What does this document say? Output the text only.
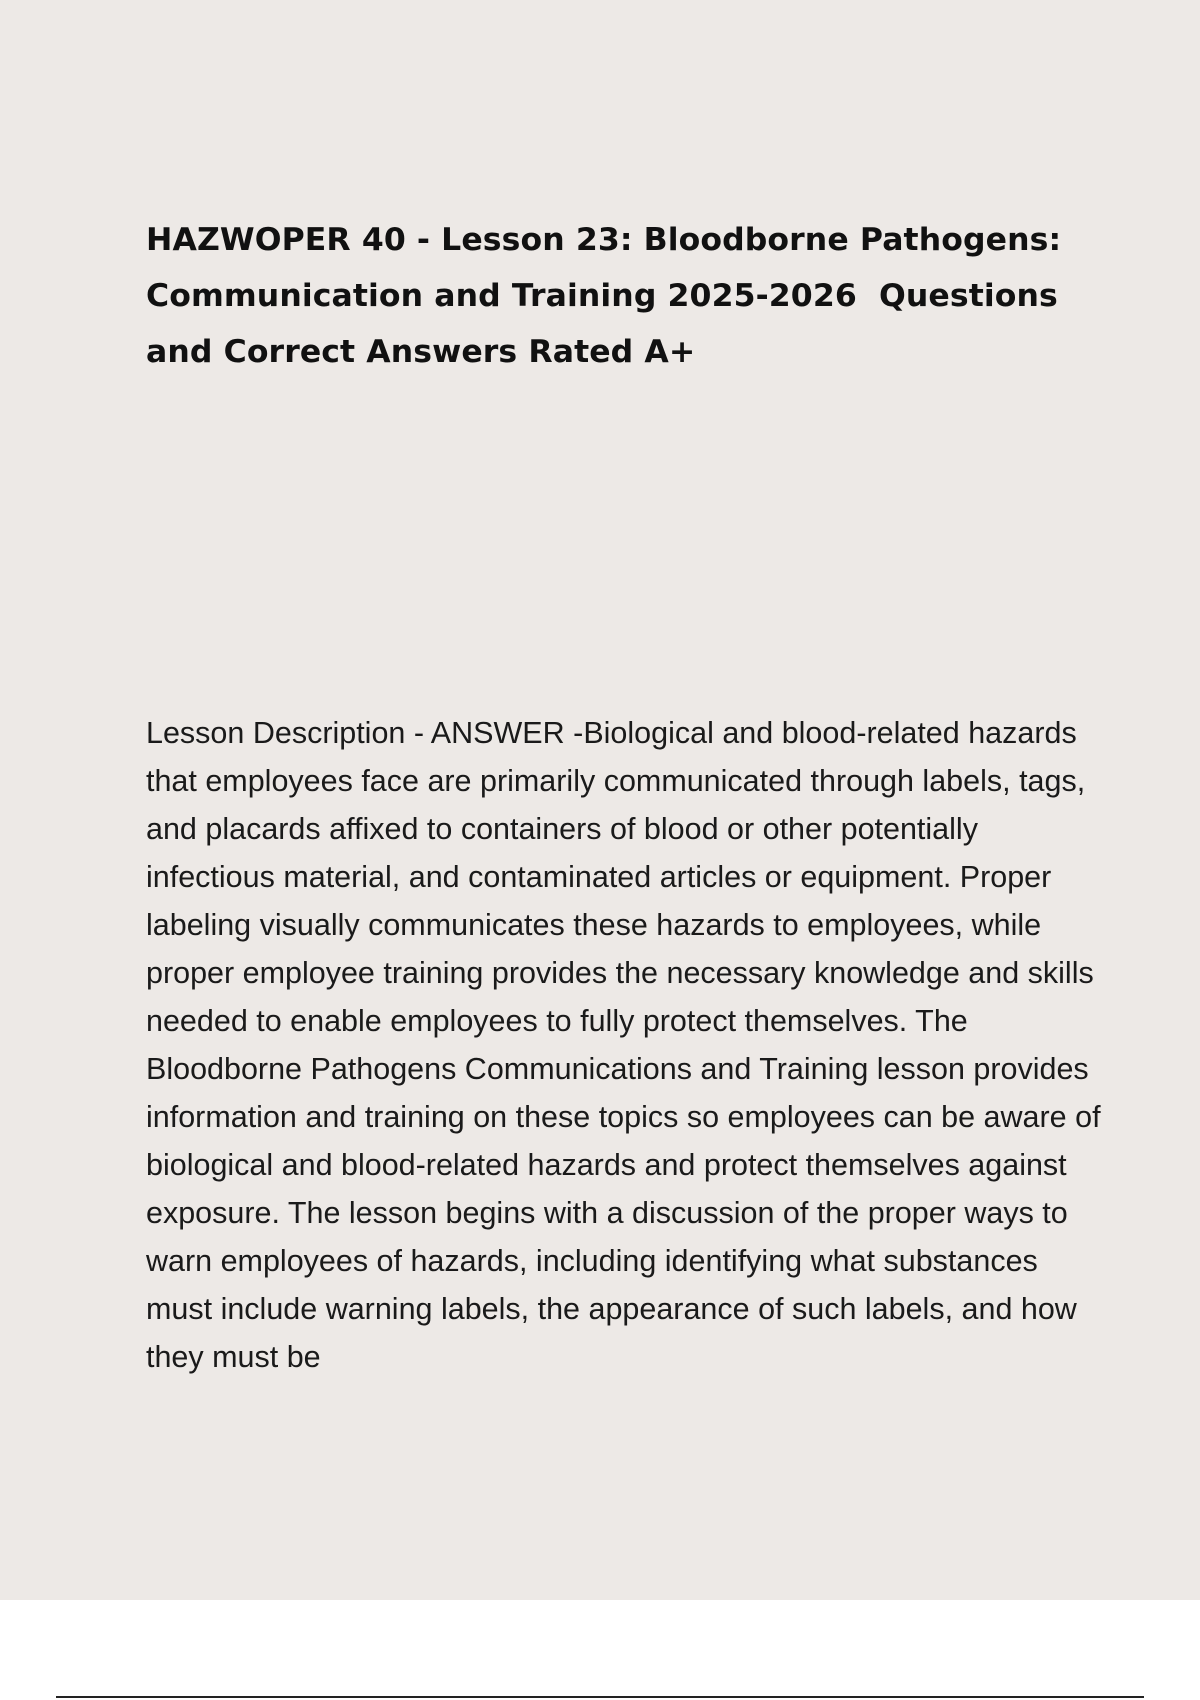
HAZWOPER 40 - Lesson 23: Bloodborne Pathogens: Communication and Training 2025-2026  Questions and Correct Answers Rated A+

Lesson Description - ANSWER -Biological and blood-related hazards that employees face are primarily communicated through labels, tags, and placards affixed to containers of blood or other potentially infectious material, and contaminated articles or equipment. Proper labeling visually communicates these hazards to employees, while proper employee training provides the necessary knowledge and skills needed to enable employees to fully protect themselves. The Bloodborne Pathogens Communications and Training lesson provides information and training on these topics so employees can be aware of biological and blood-related hazards and protect themselves against exposure. The lesson begins with a discussion of the proper ways to warn employees of hazards, including identifying what substances must include warning labels, the appearance of such labels, and how they must be
